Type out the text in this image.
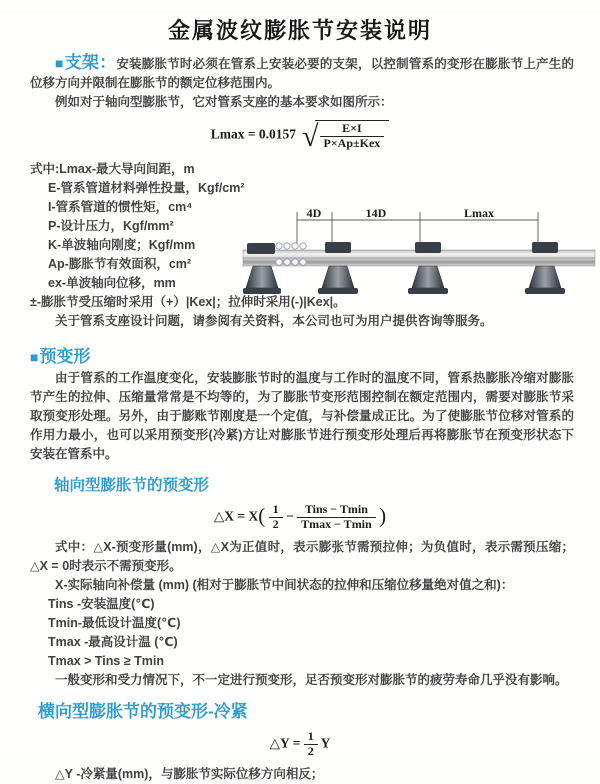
金属波纹膨胀节安装说明

■支架：安装膨胀节时必须在管系上安装必要的支架，以控制管系的变形在膨胀节上产生的位移方向并限制在膨胀节的额定位移范围内。

例如对于轴向型膨胀节，它对管系支座的基本要求如图所示：

Lmax = 0.0157 √ $\frac{E\times I}{\text{P×Ap±Kex}}$
式中:Lmax-最大导向间距，m
E-管系管道材料弹性投量，Kgf/cm²
I-管系管道的惯性矩，cm⁴
P-设计压力，Kgf/mm²
K-单波轴向刚度；Kgf/mm
Ap-膨胀节有效面积，cm²
ex-单波轴向位移，mm
±-膨胀节受压缩时采用（+）|Kex|；拉伸时采用(-)|Kex|。

关于管系支座设计问题，请参阅有关资料，本公司也可为用户提供咨询等服务。

4D	14D	Lmax
■预变形

由于管系的工作温度变化，安装膨胀节时的温度与工作时的温度不同，管系热膨胀冷缩对膨胀节产生的拉伸、压缩量常常是不均等的，为了膨胀节变形范围控制在额定范围内，需要对膨胀节采取预变形处理。另外，由于膨账节刚度是一个定值，与补偿量成正比。为了使膨胀节位移对管系的作用力最小，也可以采用预变形(冷紧)方让对膨胀节进行预变形处理后再将膨胀节在预变形状态下安装在管系中。

轴向型膨胀节的预变形
△X = $X( \frac{1}{2} - \frac{\text{Tins − Tmin}}{Tmax - Tmin}$ )

式中：△X-预变形量(mm)，△X为正值时，表示膨张节需预拉伸；为负值时，表示需预压缩；△X = 0时表示不需预变形。

X-实际轴向补偿量 (mm) (相对于膨胀节中间状态的拉伸和压缩位移量绝对值之和)：

Tins -安装温度(℃)
Tmin-最低设计温度(℃)
Tmax -最高设计温 (℃)
Tmax > Tins ≥ Tmin

一般变形和受力情况下，不一定进行预变形，足否预变形对膨胀节的疲劳寿命几乎没有影响。

横向型膨胀节的预变形-冷紧
△Y = $\frac{1}{2}$ Y

△Y -冷紧量(mm)，与膨胀节实际位移方向相反；
